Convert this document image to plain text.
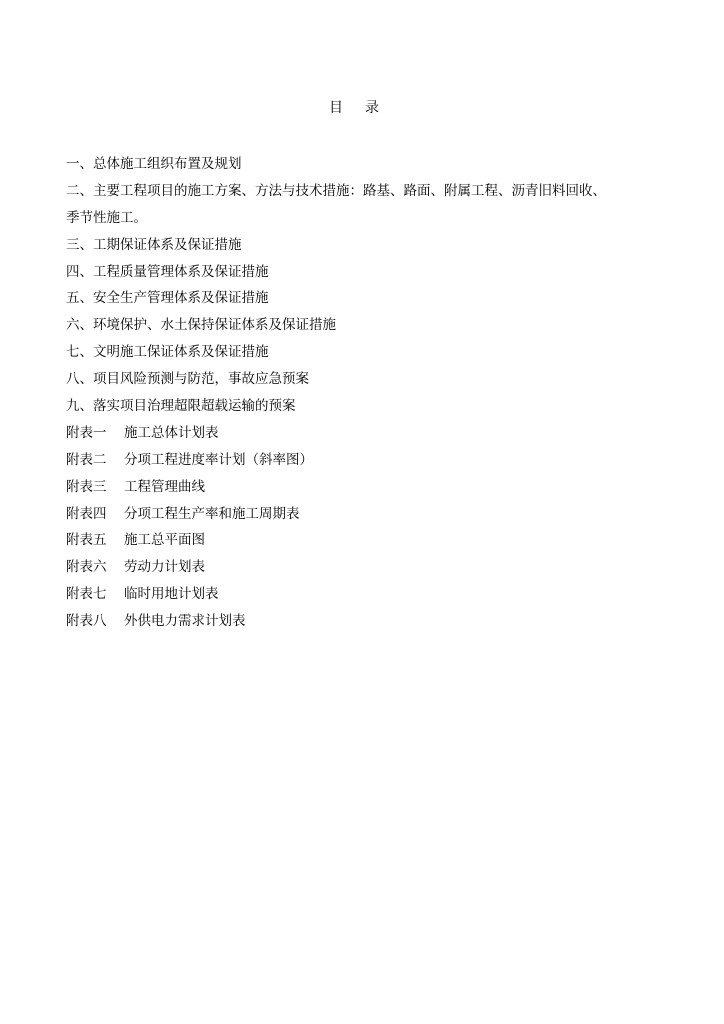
目录
一、总体施工组织布置及规划
二、主要工程项目的施工方案、方法与技术措施：路基、路面、附属工程、沥青旧料回收、
季节性施工。
三、工期保证体系及保证措施
四、工程质量管理体系及保证措施
五、安全生产管理体系及保证措施
六、环境保护、水土保持保证体系及保证措施
七、文明施工保证体系及保证措施
八、项目风险预测与防范，事故应急预案
九、落实项目治理超限超载运输的预案
附表一	施工总体计划表
附表二	分项工程进度率计划（斜率图）
附表三	工程管理曲线
附表四	分项工程生产率和施工周期表
附表五	施工总平面图
附表六	劳动力计划表
附表七	临时用地计划表
附表八	外供电力需求计划表
